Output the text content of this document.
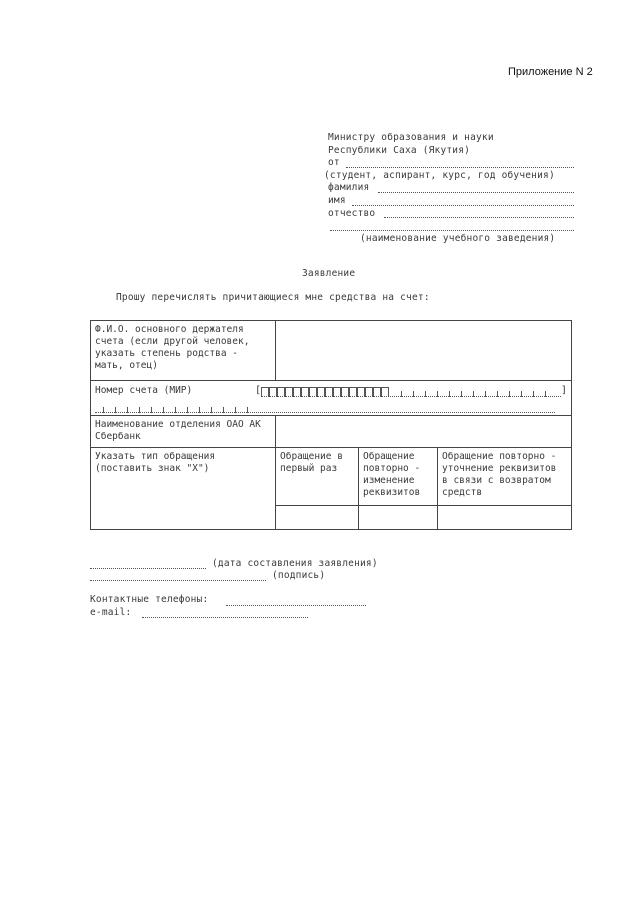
Приложение N 2
Министру образования и науки
Республики Саха (Якутия)
от
(студент, аспирант, курс, год обучения)
фамилия
имя
отчество
(наименование учебного заведения)
Заявление
Прошу перечислять причитающиеся мне средства на счет:
Ф.И.О. основного держателя счета (если другой человек, указать степень родства - мать, отец)			

Номер счета (МИР) [ ]			

Наименование отделения ОАО АК Сбербанк			
Указать тип обращения (поставить знак "Х")	Обращение в первый раз	Обращение повторно - изменение реквизитов	Обращение повторно - уточнение реквизитов в связи с возвратом средств

(дата составления заявления)
(подпись)
Контактные телефоны:
e-mail:
